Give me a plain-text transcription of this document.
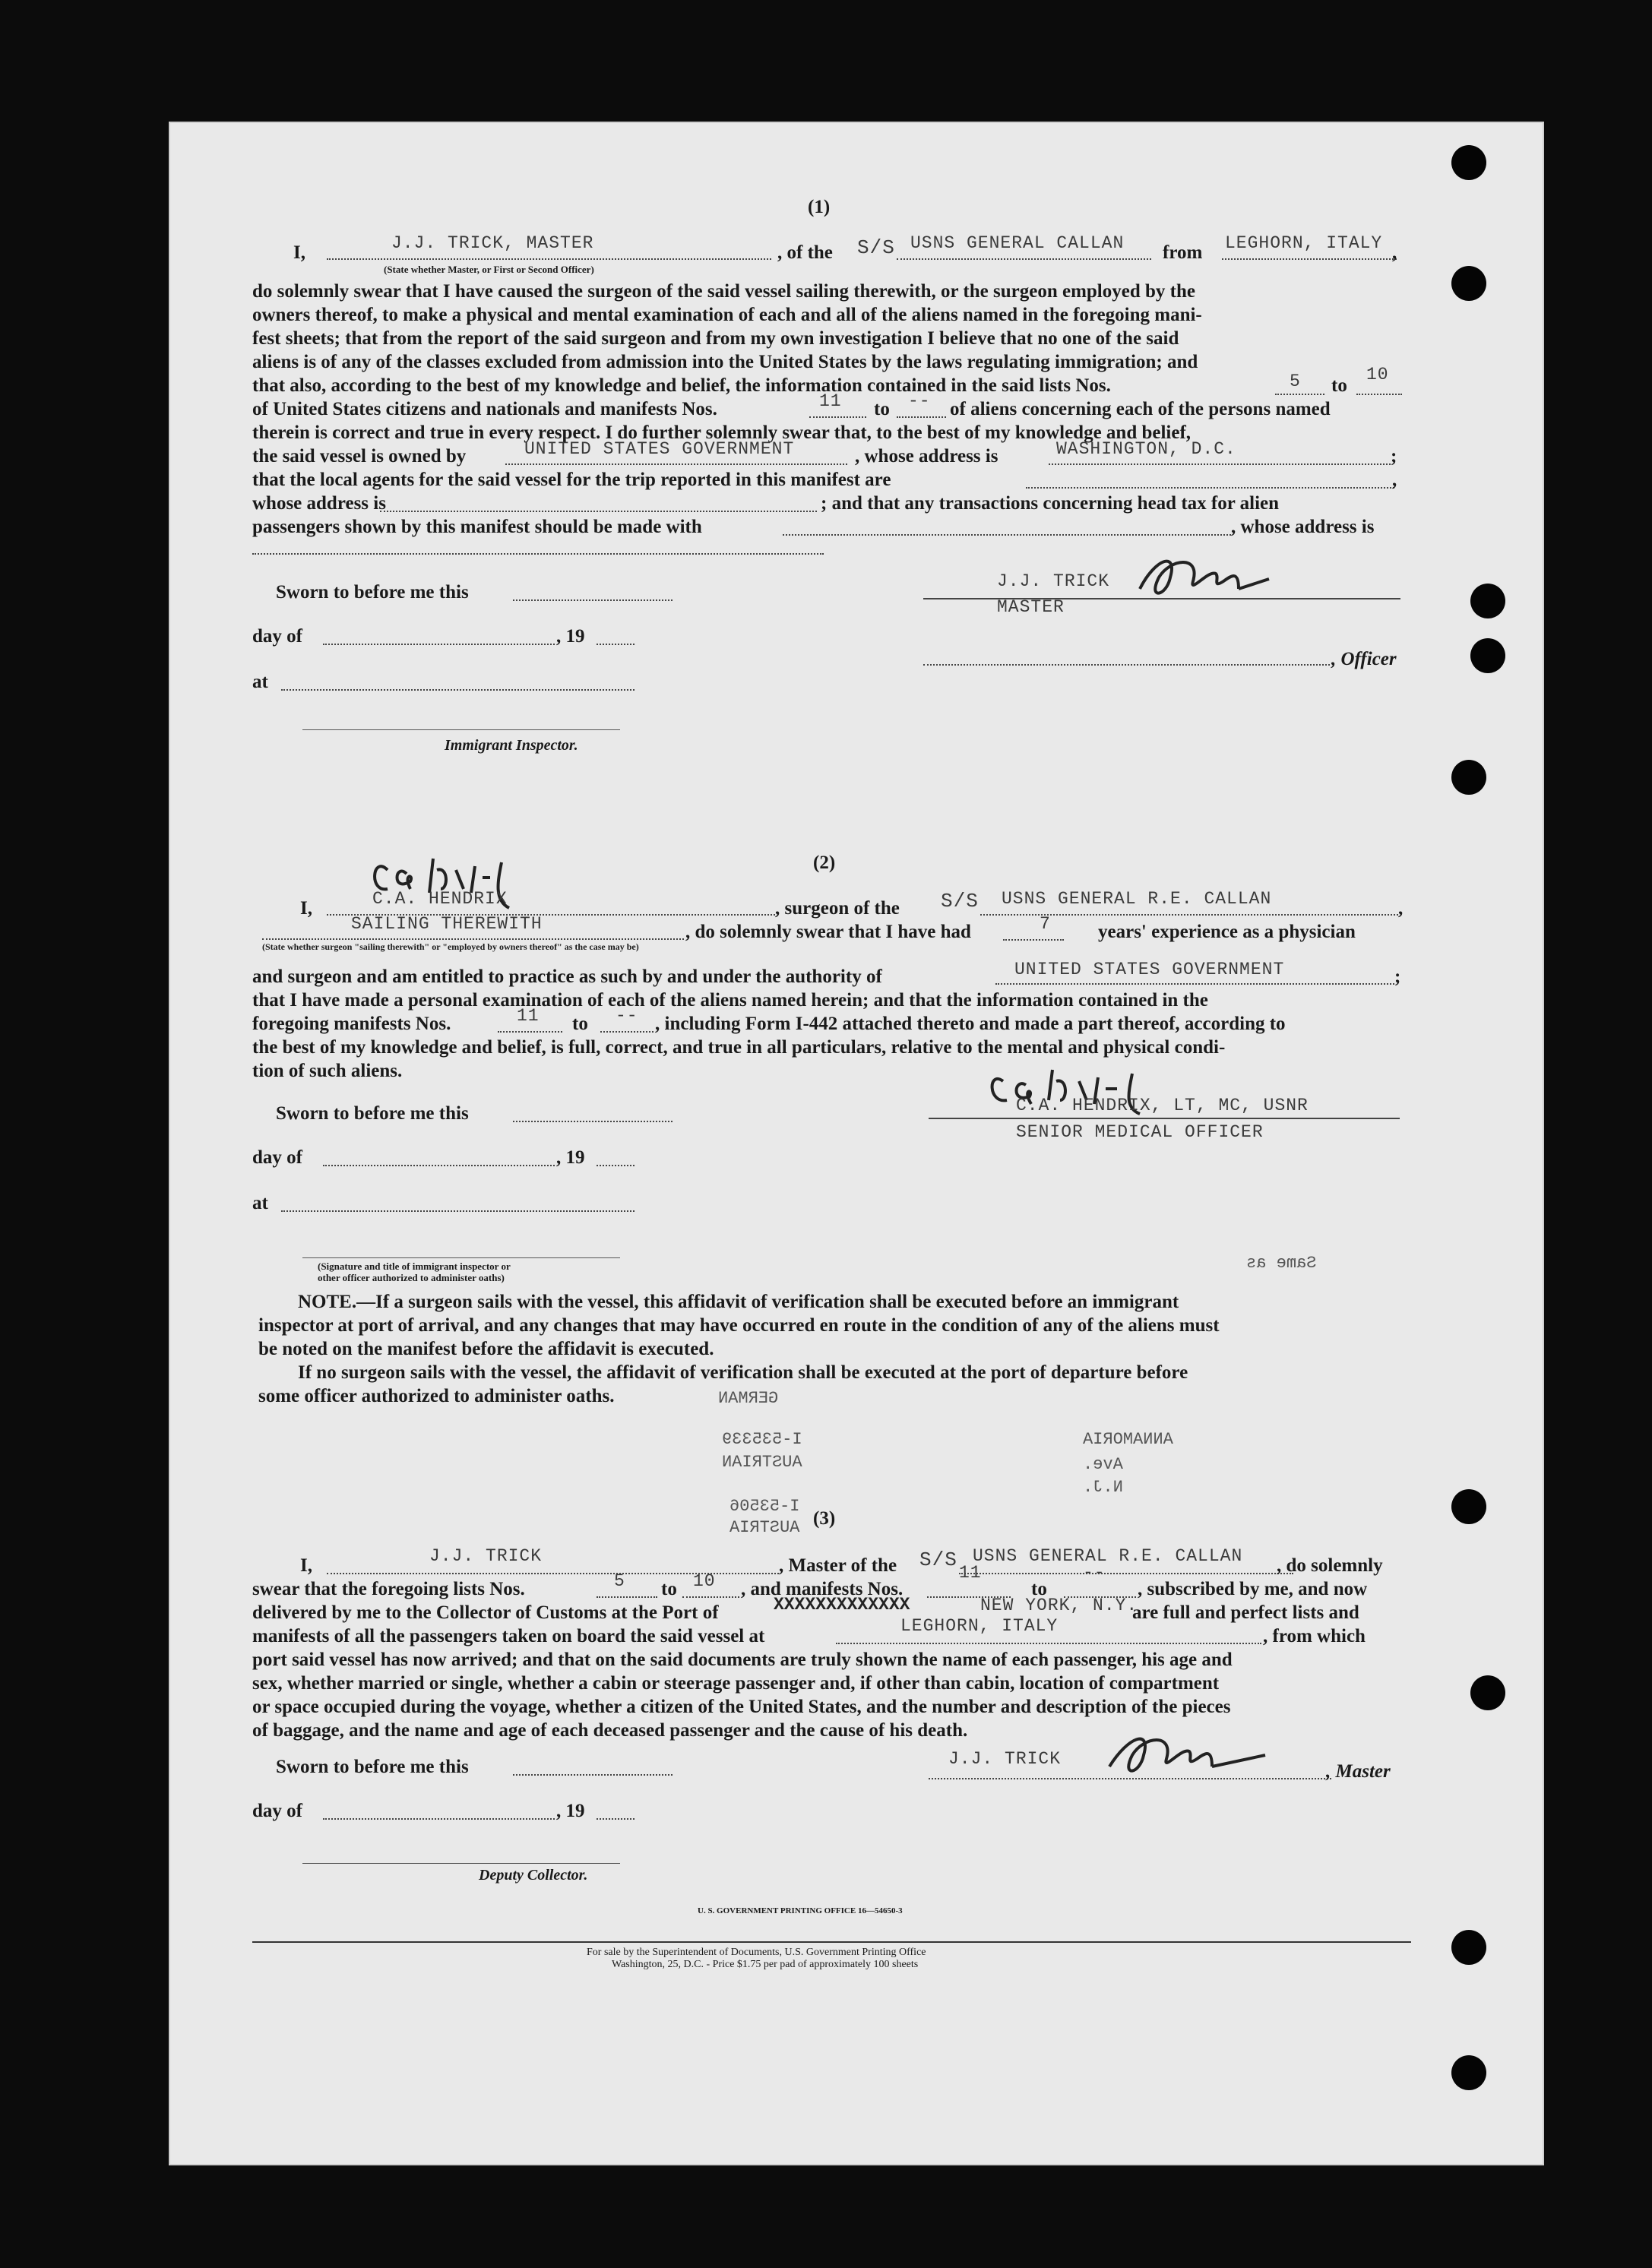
(1)
I,	J.J. TRICK, MASTER
(State whether Master, or First or Second Officer)
, of the S/S USNS GENERAL CALLAN from LEGHORN, ITALY ,
do solemnly swear that I have caused the surgeon of the said vessel sailing therewith, or the surgeon employed by the
owners thereof, to make a physical and mental examination of each and all of the aliens named in the foregoing mani-
fest sheets; that from the report of the said surgeon and from my own investigation I believe that no one of the said
aliens is of any of the classes excluded from admission into the United States by the laws regulating immigration; and
that also, according to the best of my knowledge and belief, the information contained in the said lists Nos.	5 to
10
of United States citizens and nationals and manifests Nos.	11 to -- of aliens concerning each of the persons named
therein is correct and true in every respect. I do further solemnly swear that, to the best of my knowledge and belief,
the said vessel is owned by	UNITED STATES GOVERNMENT	, whose address is	WASHINGTON, D.C.	;
that the local agents for the said vessel for the trip reported in this manifest are	,
whose address is	; and that any transactions concerning head tax for alien
passengers shown by this manifest should be made with	, whose address is
Sworn to before me this
day of	, 19
at
Immigrant Inspector.
J.J. TRICK
MASTER
, Officer
(2)
I,	C.A. HENDRIX	, surgeon of the S/S USNS GENERAL R.E. CALLAN	,
SAILING THEREWITH
(State whether surgeon "sailing therewith" or "employed by owners thereof" as the case may be)
, do solemnly swear that I have had	7 years' experience as a physician
and surgeon and am entitled to practice as such by and under the authority of	UNITED STATES GOVERNMENT	;
that I have made a personal examination of each of the aliens named herein; and that the information contained in the
foregoing manifests Nos.	11 to -- , including Form I-442 attached thereto and made a part thereof, according to
the best of my knowledge and belief, is full, correct, and true in all particulars, relative to the mental and physical condi-
tion of such aliens.
C.A. HENDRIX, LT, MC, USNR
SENIOR MEDICAL OFFICER
Sworn to before me this
day of	, 19
at
(Signature and title of immigrant inspector or
other officer authorized to administer oaths)
NOTE.—If a surgeon sails with the vessel, this affidavit of verification shall be executed before an immigrant
inspector at port of arrival, and any changes that may have occurred en route in the condition of any of the aliens must
be noted on the manifest before the affidavit is executed.
If no surgeon sails with the vessel, the affidavit of verification shall be executed at the port of departure before
some officer authorized to administer oaths.
Same as
GERMAN
I-535339
AUSTRIAN
I-53506
AUSTRIA
ANNAMORIA
Ave.
N.J.
(3)
I,	J.J. TRICK	, Master of the S/S USNS GENERAL R.E. CALLAN , do solemnly
swear that the foregoing lists Nos.	5 to 10 , and manifests Nos.
11
to
--
, subscribed by me, and now
delivered by me to the Collector of Customs at the Port of	XXXXXXXXXXXXX	NEW YORK, N.Y.
are full and perfect lists and
manifests of all the passengers taken on board the said vessel at	LEGHORN, ITALY	, from which
port said vessel has now arrived; and that on the said documents are truly shown the name of each passenger, his age and
sex, whether married or single, whether a cabin or steerage passenger and, if other than cabin, location of compartment
or space occupied during the voyage, whether a citizen of the United States, and the number and description of the pieces
of baggage, and the name and age of each deceased passenger and the cause of his death.
Sworn to before me this
day of	, 19
Deputy Collector.
J.J. TRICK
, Master
U. S. GOVERNMENT PRINTING OFFICE 16—54650-3
For sale by the Superintendent of Documents, U.S. Government Printing Office
Washington, 25, D.C. - Price $1.75 per pad of approximately 100 sheets
